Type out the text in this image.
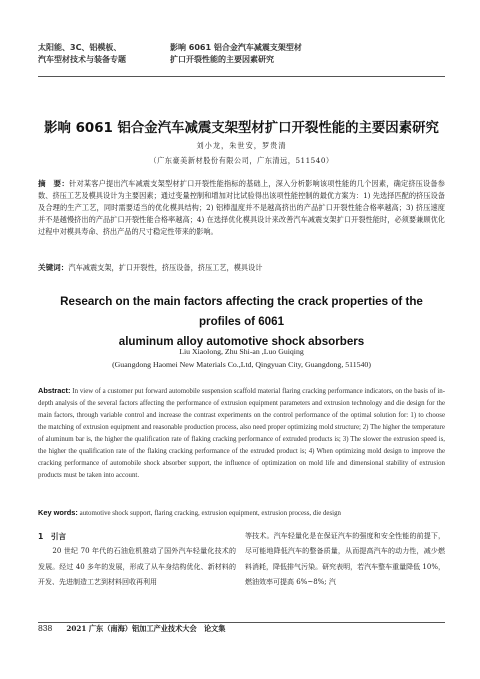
太阳能、3C、铝模板、
汽车型材技术与装备专题
影响 6061 铝合金汽车减震支架型材
扩口开裂性能的主要因素研究
影响 6061 铝合金汽车减震支架型材扩口开裂性能的主要因素研究
刘小龙，朱世安，罗贵清
（广东豪美新材股份有限公司，广东清远，511540）
摘　要：针对某客户提出汽车减震支架型材扩口开裂性能指标的基础上，深入分析影响该项性能的几个因素，确定挤压设备参数、挤压工艺及模具设计为主要因素；通过变量控制和增加对比试验得出该项性能控制的最优方案为：1) 先选择匹配的挤压设备及合理的生产工艺，同时需要适当的优化模具结构；2) 铝棒温度并不是越高挤出的产品扩口开裂性能合格率越高；3) 挤压速度并不是越慢挤出的产品扩口开裂性能合格率越高；4) 在选择优化模具设计来改善汽车减震支架扩口开裂性能时，必须要兼顾优化过程中对模具寿命、挤出产品的尺寸稳定性带来的影响。
关键词：汽车减震支架，扩口开裂性，挤压设备，挤压工艺，模具设计
Research on the main factors affecting the crack properties of the profiles of 6061
aluminum alloy automotive shock absorbers
Liu Xiaolong, Zhu Shi-an ,Luo Guiqing
(Guangdong Haomei New Materials Co.,Ltd, Qingyuan City, Guangdong, 511540)
Abstract: In view of a customer put forward automobile suspension scaffold material flaring cracking performance indicators, on the basis of in-depth analysis of the several factors affecting the performance of extrusion equipment parameters and extrusion technology and die design for the main factors, through variable control and increase the contrast experiments on the control performance of the optimal solution for: 1) to choose the matching of extrusion equipment and reasonable production process, also need proper optimizing mold structure; 2) The higher the temperature of aluminum bar is, the higher the qualification rate of flaking cracking performance of extruded products is; 3) The slower the extrusion speed is, the higher the qualification rate of the flaking cracking performance of the extruded product is; 4) When optimizing mold design to improve the cracking performance of automobile shock absorber support, the influence of optimization on mold life and dimensional stability of extrusion products must be taken into account.
Key words: automotive shock support, flaring cracking, extrusion equipment, extrusion process, die design
1　引言
　　20 世纪 70 年代的石油危机推动了国外汽车轻量化技术的发展。经过 40 多年的发展，形成了从车身结构优化、新材料的开发、先进制造工艺到材料回收再利用
等技术。汽车轻量化是在保证汽车的强度和安全性能的前提下，尽可能地降低汽车的整备质量，从而提高汽车的动力性，减少燃料消耗，降低排气污染。研究表明，若汽车整车重量降低 10%，燃油效率可提高 6%~8%; 汽
838 2021 广东（南海）铝加工产业技术大会　论文集
